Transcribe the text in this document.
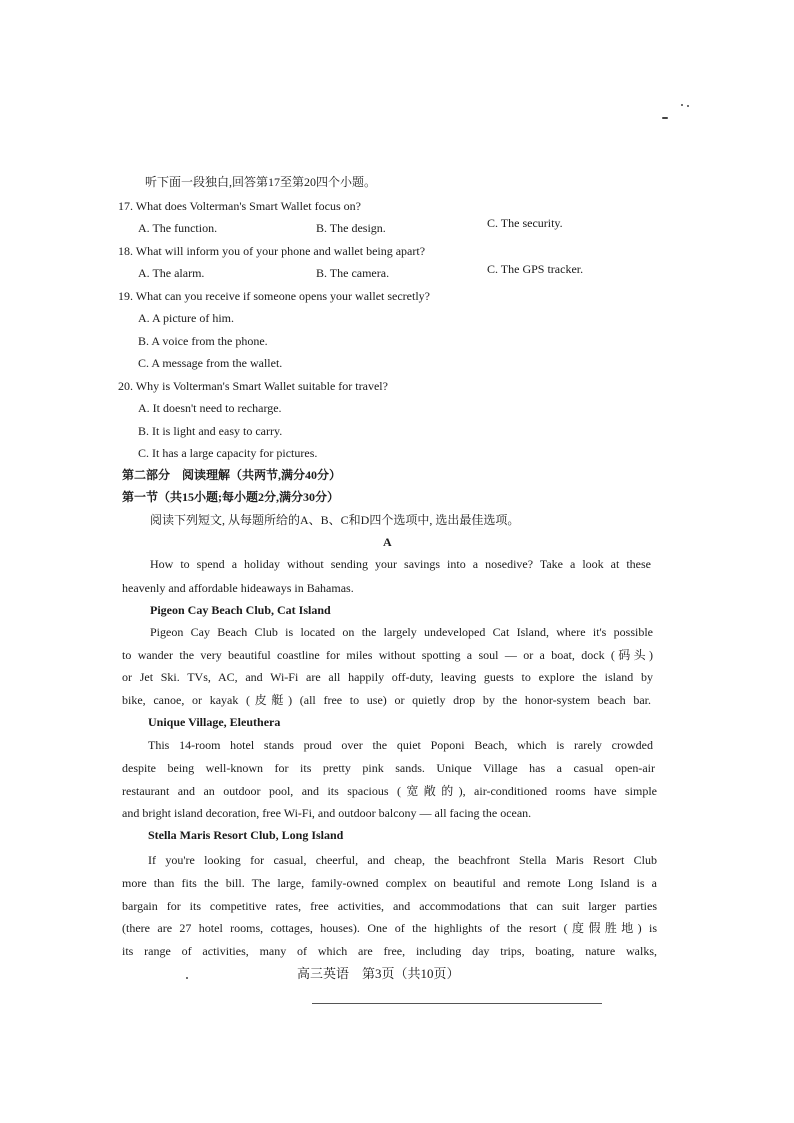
听下面一段独白,回答第17至第20四个小题。
17. What does Volterman's Smart Wallet focus on?
A. The function.	B. The design.	C. The security.
18. What will inform you of your phone and wallet being apart?
A. The alarm.	B. The camera.	C. The GPS tracker.
19. What can you receive if someone opens your wallet secretly?
A. A picture of him.
B. A voice from the phone.
C. A message from the wallet.
20. Why is Volterman's Smart Wallet suitable for travel?
A. It doesn't need to recharge.
B. It is light and easy to carry.
C. It has a large capacity for pictures.
第二部分　阅读理解（共两节,满分40分）
第一节（共15小题;每小题2分,满分30分）
阅读下列短文, 从每题所给的A、B、C和D四个选项中, 选出最佳选项。
A
How to spend a holiday without sending your savings into a nosedive? Take a look at these
heavenly and affordable hideaways in Bahamas.
Pigeon Cay Beach Club, Cat Island
Pigeon Cay Beach Club is located on the largely undeveloped Cat Island, where it's possible
to wander the very beautiful coastline for miles without spotting a soul — or a boat, dock (码头)
or Jet Ski. TVs, AC, and Wi-Fi are all happily off-duty, leaving guests to explore the island by
bike, canoe, or kayak (皮艇) (all free to use) or quietly drop by the honor-system beach bar.
Unique Village, Eleuthera
This 14-room hotel stands proud over the quiet Poponi Beach, which is rarely crowded
despite being well-known for its pretty pink sands. Unique Village has a casual open-air
restaurant and an outdoor pool, and its spacious (宽敞的), air-conditioned rooms have simple
and bright island decoration, free Wi-Fi, and outdoor balcony — all facing the ocean.
Stella Maris Resort Club, Long Island
If you're looking for casual, cheerful, and cheap, the beachfront Stella Maris Resort Club
more than fits the bill. The large, family-owned complex on beautiful and remote Long Island is a
bargain for its competitive rates, free activities, and accommodations that can suit larger parties
(there are 27 hotel rooms, cottages, houses). One of the highlights of the resort (度假胜地) is
its range of activities, many of which are free, including day trips, boating, nature walks,
高三英语　第3页（共10页）
